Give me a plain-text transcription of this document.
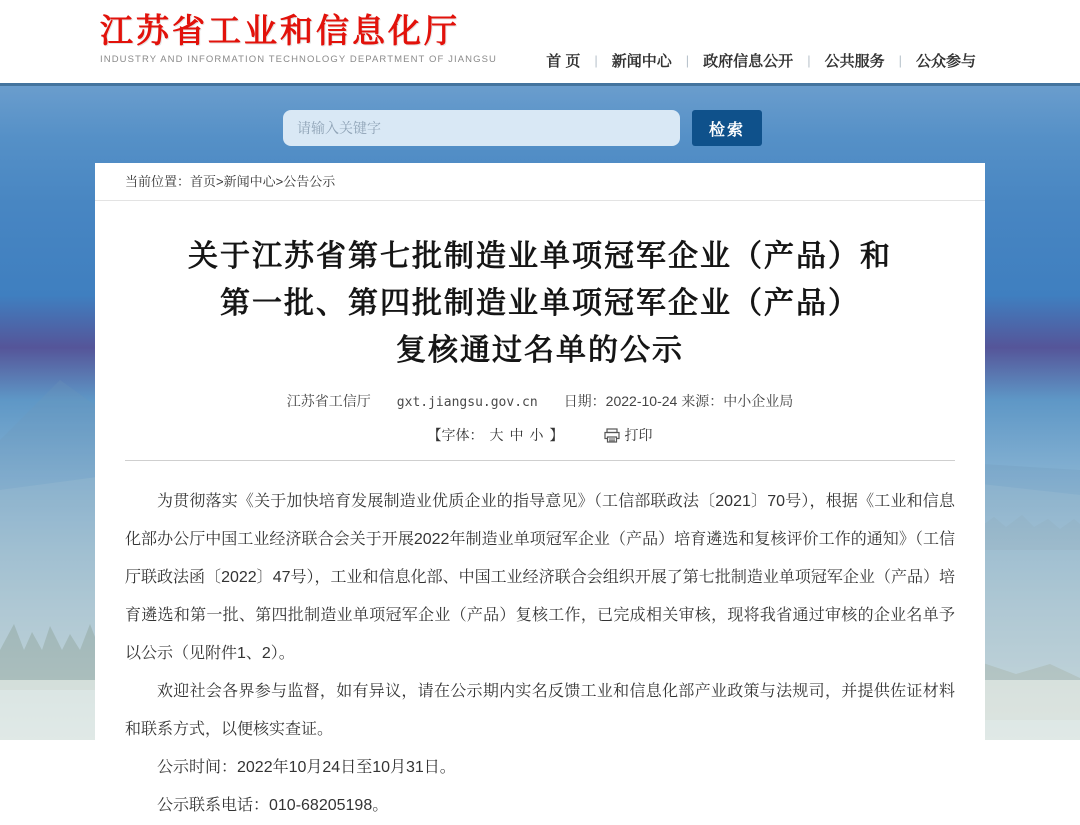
请输入关键字
检索
江苏省工业和信息化厅
INDUSTRY AND INFORMATION TECHNOLOGY DEPARTMENT OF JIANGSU	首 页 | 新闻中心 | 政府信息公开 | 公共服务 | 公众参与
当前位置：首页>新闻中心>公告公示
关于江苏省第七批制造业单项冠军企业（产品）和
第一批、第四批制造业单项冠军企业（产品）
复核通过名单的公示
江苏省工信厅 gxt.jiangsu.gov.cn 日期：2022-10-24 来源：中小企业局
【字体： 大 中 小 】	打印

为贯彻落实《关于加快培育发展制造业优质企业的指导意见》（工信部联政法〔2021〕70号），根据《工业和信息化部办公厅中国工业经济联合会关于开展2022年制造业单项冠军企业（产品）培育遴选和复核评价工作的通知》（工信厅联政法函〔2022〕47号），工业和信息化部、中国工业经济联合会组织开展了第七批制造业单项冠军企业（产品）培育遴选和第一批、第四批制造业单项冠军企业（产品）复核工作，已完成相关审核，现将我省通过审核的企业名单予以公示（见附件1、2）。

欢迎社会各界参与监督，如有异议，请在公示期内实名反馈工业和信息化部产业政策与法规司，并提供佐证材料和联系方式，以便核实查证。

公示时间：2022年10月24日至10月31日。

公示联系电话：010-68205198。
